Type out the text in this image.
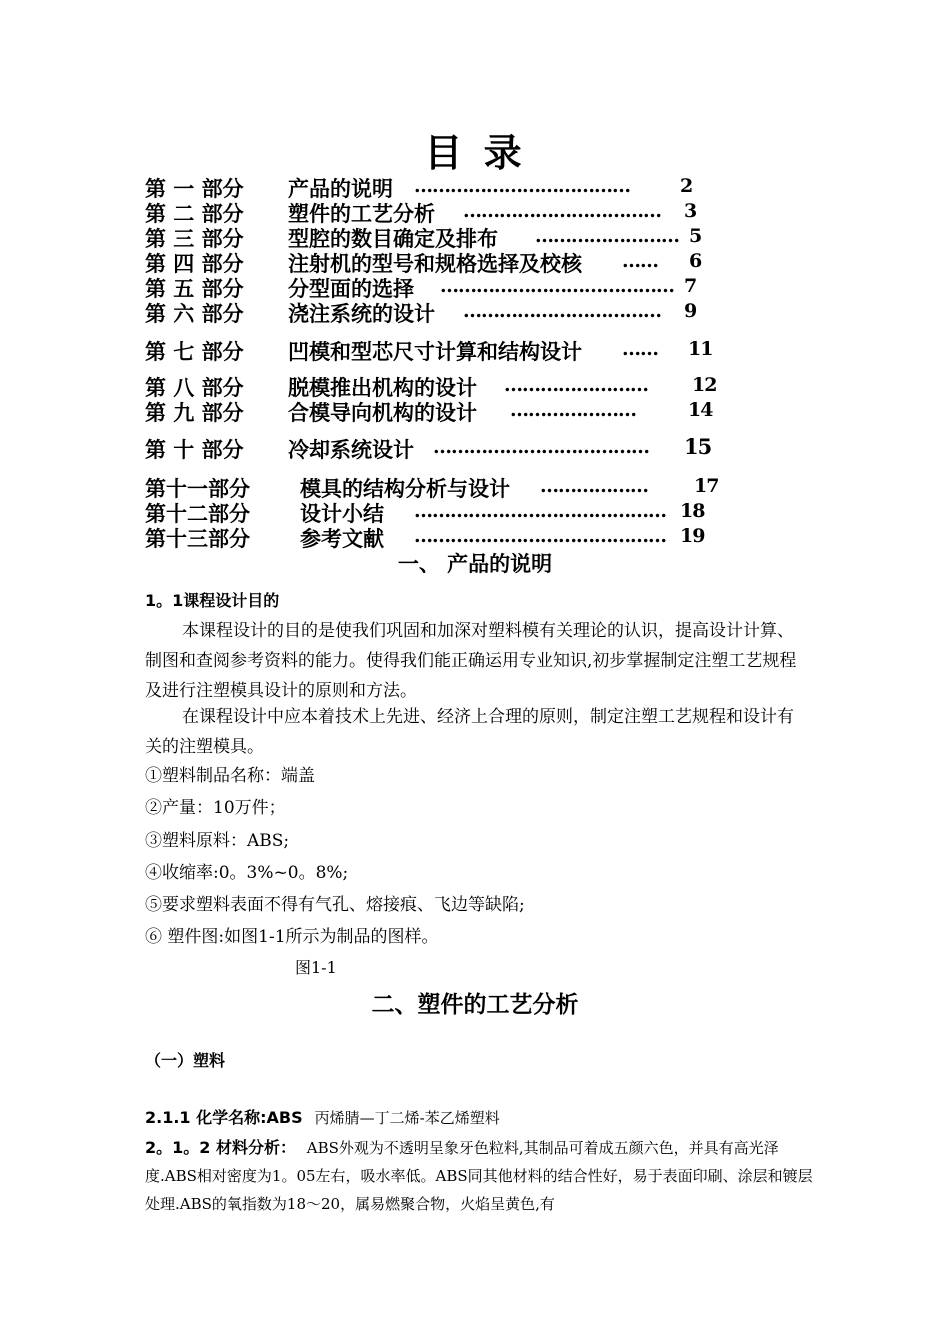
目 录
第 一 部分 产品的说明 ………………………………	2
第 二 部分 塑件的工艺分析 …………………………… 3
第 三 部分 型腔的数目确定及排布 …………………… 5
第 四 部分 注射机的型号和规格选择及校核 …… 6
第 五 部分 分型面的选择 ………………………………… 7
第 六 部分 浇注系统的设计 …………………………… 9
第 七 部分 凹模和型芯尺寸计算和结构设计 …… 11
第 八 部分 脱模推出机构的设计 …………………… 12
第 九 部分 合模导向机构的设计 …………………	14
第 十 部分 冷却系统设计 ……………………………… 15
第十一部分 模具的结构分析与设计 ……………… 17
第十二部分 设计小结 …………………………………… 18
第十三部分 参考文献 …………………………………… 19
一、 产品的说明
1。1课程设计目的
本课程设计的目的是使我们巩固和加深对塑料模有关理论的认识，提高设计计算、制图和查阅参考资料的能力。使得我们能正确运用专业知识,初步掌握制定注塑工艺规程及进行注塑模具设计的原则和方法。
在课程设计中应本着技术上先进、经济上合理的原则，制定注塑工艺规程和设计有关的注塑模具。
①塑料制品名称：端盖
②产量：10万件；
③塑料原料：ABS;
④收缩率:0。3%~0。8%;
⑤要求塑料表面不得有气孔、熔接痕、飞边等缺陷;
⑥ 塑件图:如图1-1所示为制品的图样。
图1-1
二、塑件的工艺分析
（一）塑料
2.1.1 化学名称:ABS 丙烯腈—丁二烯-苯乙烯塑料
2。1。2 材料分析： ABS外观为不透明呈象牙色粒料,其制品可着成五颜六色，并具有高光泽度.ABS相对密度为1。05左右，吸水率低。ABS同其他材料的结合性好，易于表面印刷、涂层和镀层处理.ABS的氧指数为18～20，属易燃聚合物，火焰呈黄色,有
